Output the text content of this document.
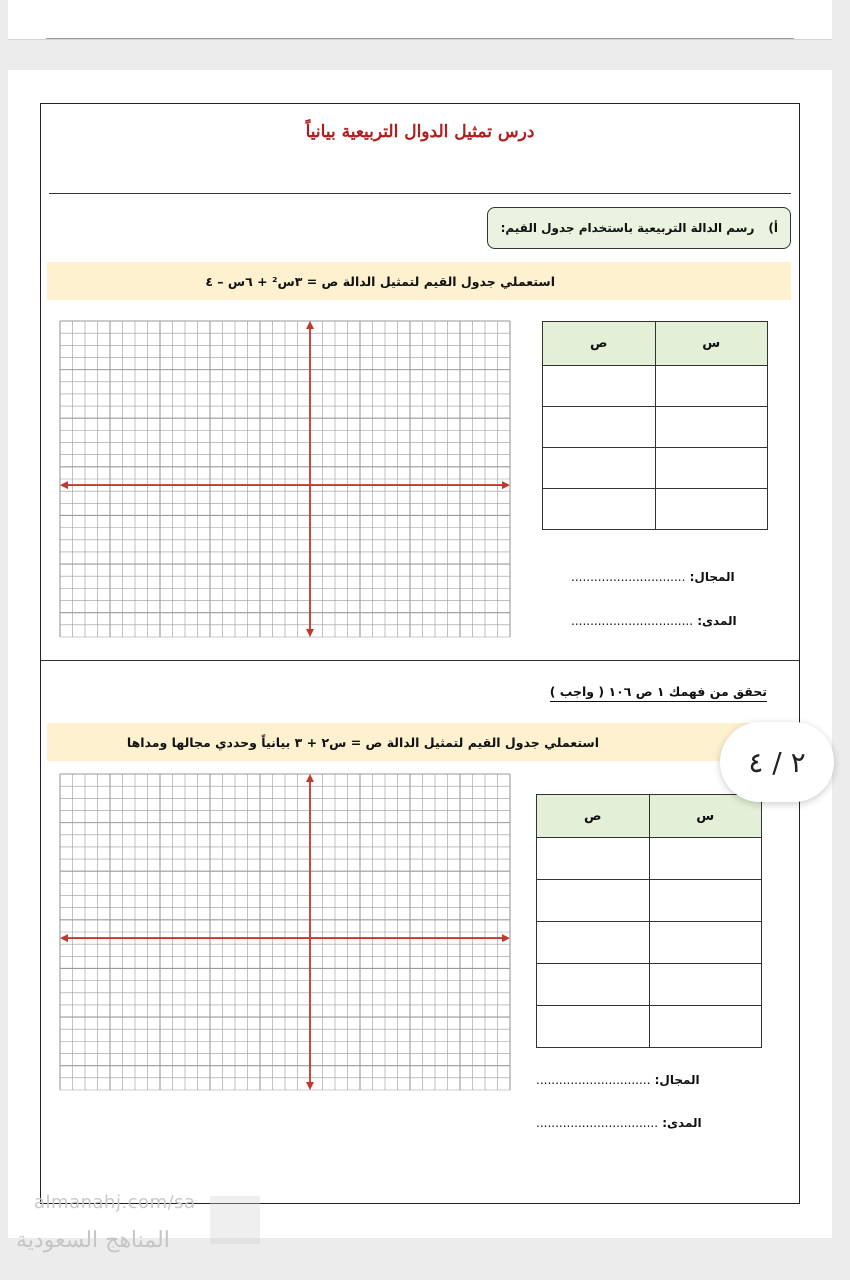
درس تمثيل الدوال التربيعية بيانياً
أ)
رسم الدالة التربيعية باستخدام جدول القيم:
استعملي جدول القيم لتمثيل الدالة ص = ٣س² + ٦س – ٤
س	ص

المجال: ..............................
المدى: ................................
تحقق من فهمك ١ ص ١٠٦ ( واجب )
استعملي جدول القيم لتمثيل الدالة ص = س٢ + ٣ بيانياً وحددي مجالها ومداها
س	ص

المجال: ..............................
المدى: ................................
٢ / ٤
almanahj.com/sa
المناهج السعودية
